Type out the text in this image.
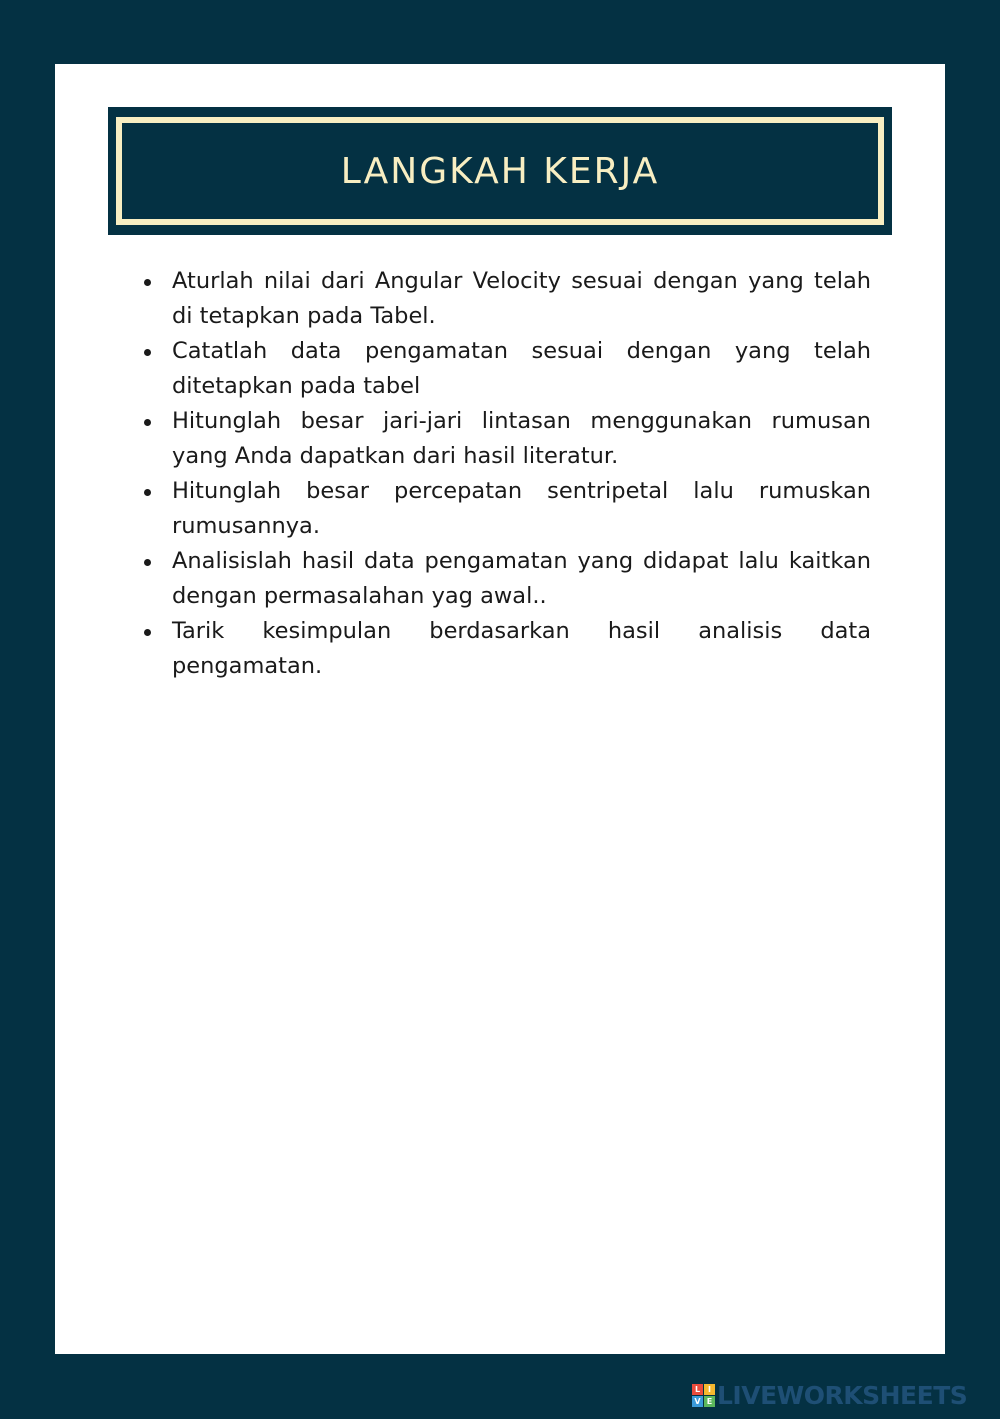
LANGKAH KERJA
Aturlah nilai dari Angular Velocity sesuai dengan yang telah di tetapkan pada Tabel.
Catatlah data pengamatan sesuai dengan yang telah ditetapkan pada tabel
Hitunglah besar jari-jari lintasan menggunakan rumusan yang Anda dapatkan dari hasil literatur.
Hitunglah besar percepatan sentripetal lalu rumuskan rumusannya.
Analisislah hasil data pengamatan yang didapat lalu kaitkan dengan permasalahan yag awal..
Tarik kesimpulan berdasarkan hasil analisis data pengamatan.
L I
V E LIVEWORKSHEETS
